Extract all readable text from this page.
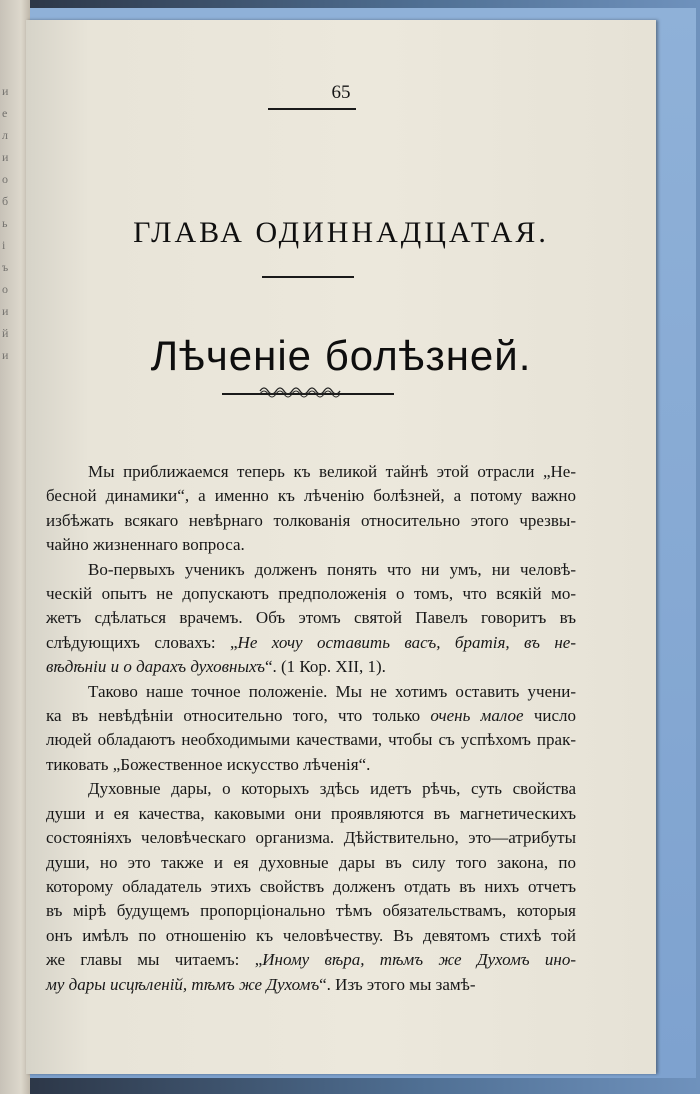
и
е
л
и
о
б
ь
і
ъ
о
и
й
и
65
ГЛАВА ОДИННАДЦАТАЯ.
Лѣченіе болѣзней.

Мы приближаемся теперь къ великой тайнѣ этой отрасли „Не-
бесной динамики“, а именно къ лѣченію болѣзней, а потому важно
избѣжать всякаго невѣрнаго толкованія относительно этого чрезвы-
чайно жизненнаго вопроса.

Во-первыхъ ученикъ долженъ понять что ни умъ, ни человѣ-
ческій опытъ не допускаютъ предположенія о томъ, что всякій мо-
жетъ сдѣлаться врачемъ. Объ этомъ святой Павелъ говоритъ въ
слѣдующихъ словахъ: „Не хочу оставить васъ, братія, въ не-
вѣдѣніи и о дарахъ духовныхъ“. (1 Кор. XII, 1).

Таково наше точное положеніе. Мы не хотимъ оставить учени-
ка въ невѣдѣніи относительно того, что только очень малое число
людей обладаютъ необходимыми качествами, чтобы съ успѣхомъ прак-
тиковать „Божественное искусство лѣченія“.

Духовные дары, о которыхъ здѣсь идетъ рѣчь, суть свойства
души и ея качества, каковыми они проявляются въ магнетическихъ
состояніяхъ человѣческаго организма. Дѣйствительно, это—атрибуты
души, но это также и ея духовные дары въ силу того закона, по
которому обладатель этихъ свойствъ долженъ отдать въ нихъ отчетъ
въ мірѣ будущемъ пропорціонально тѣмъ обязательствамъ, которыя
онъ имѣлъ по отношенію къ человѣчеству. Въ девятомъ стихѣ той
же главы мы читаемъ: „Иному вѣра, тѣмъ же Духомъ ино-
му дары исцѣленій, тѣмъ же Духомъ“. Изъ этого мы замѣ-
